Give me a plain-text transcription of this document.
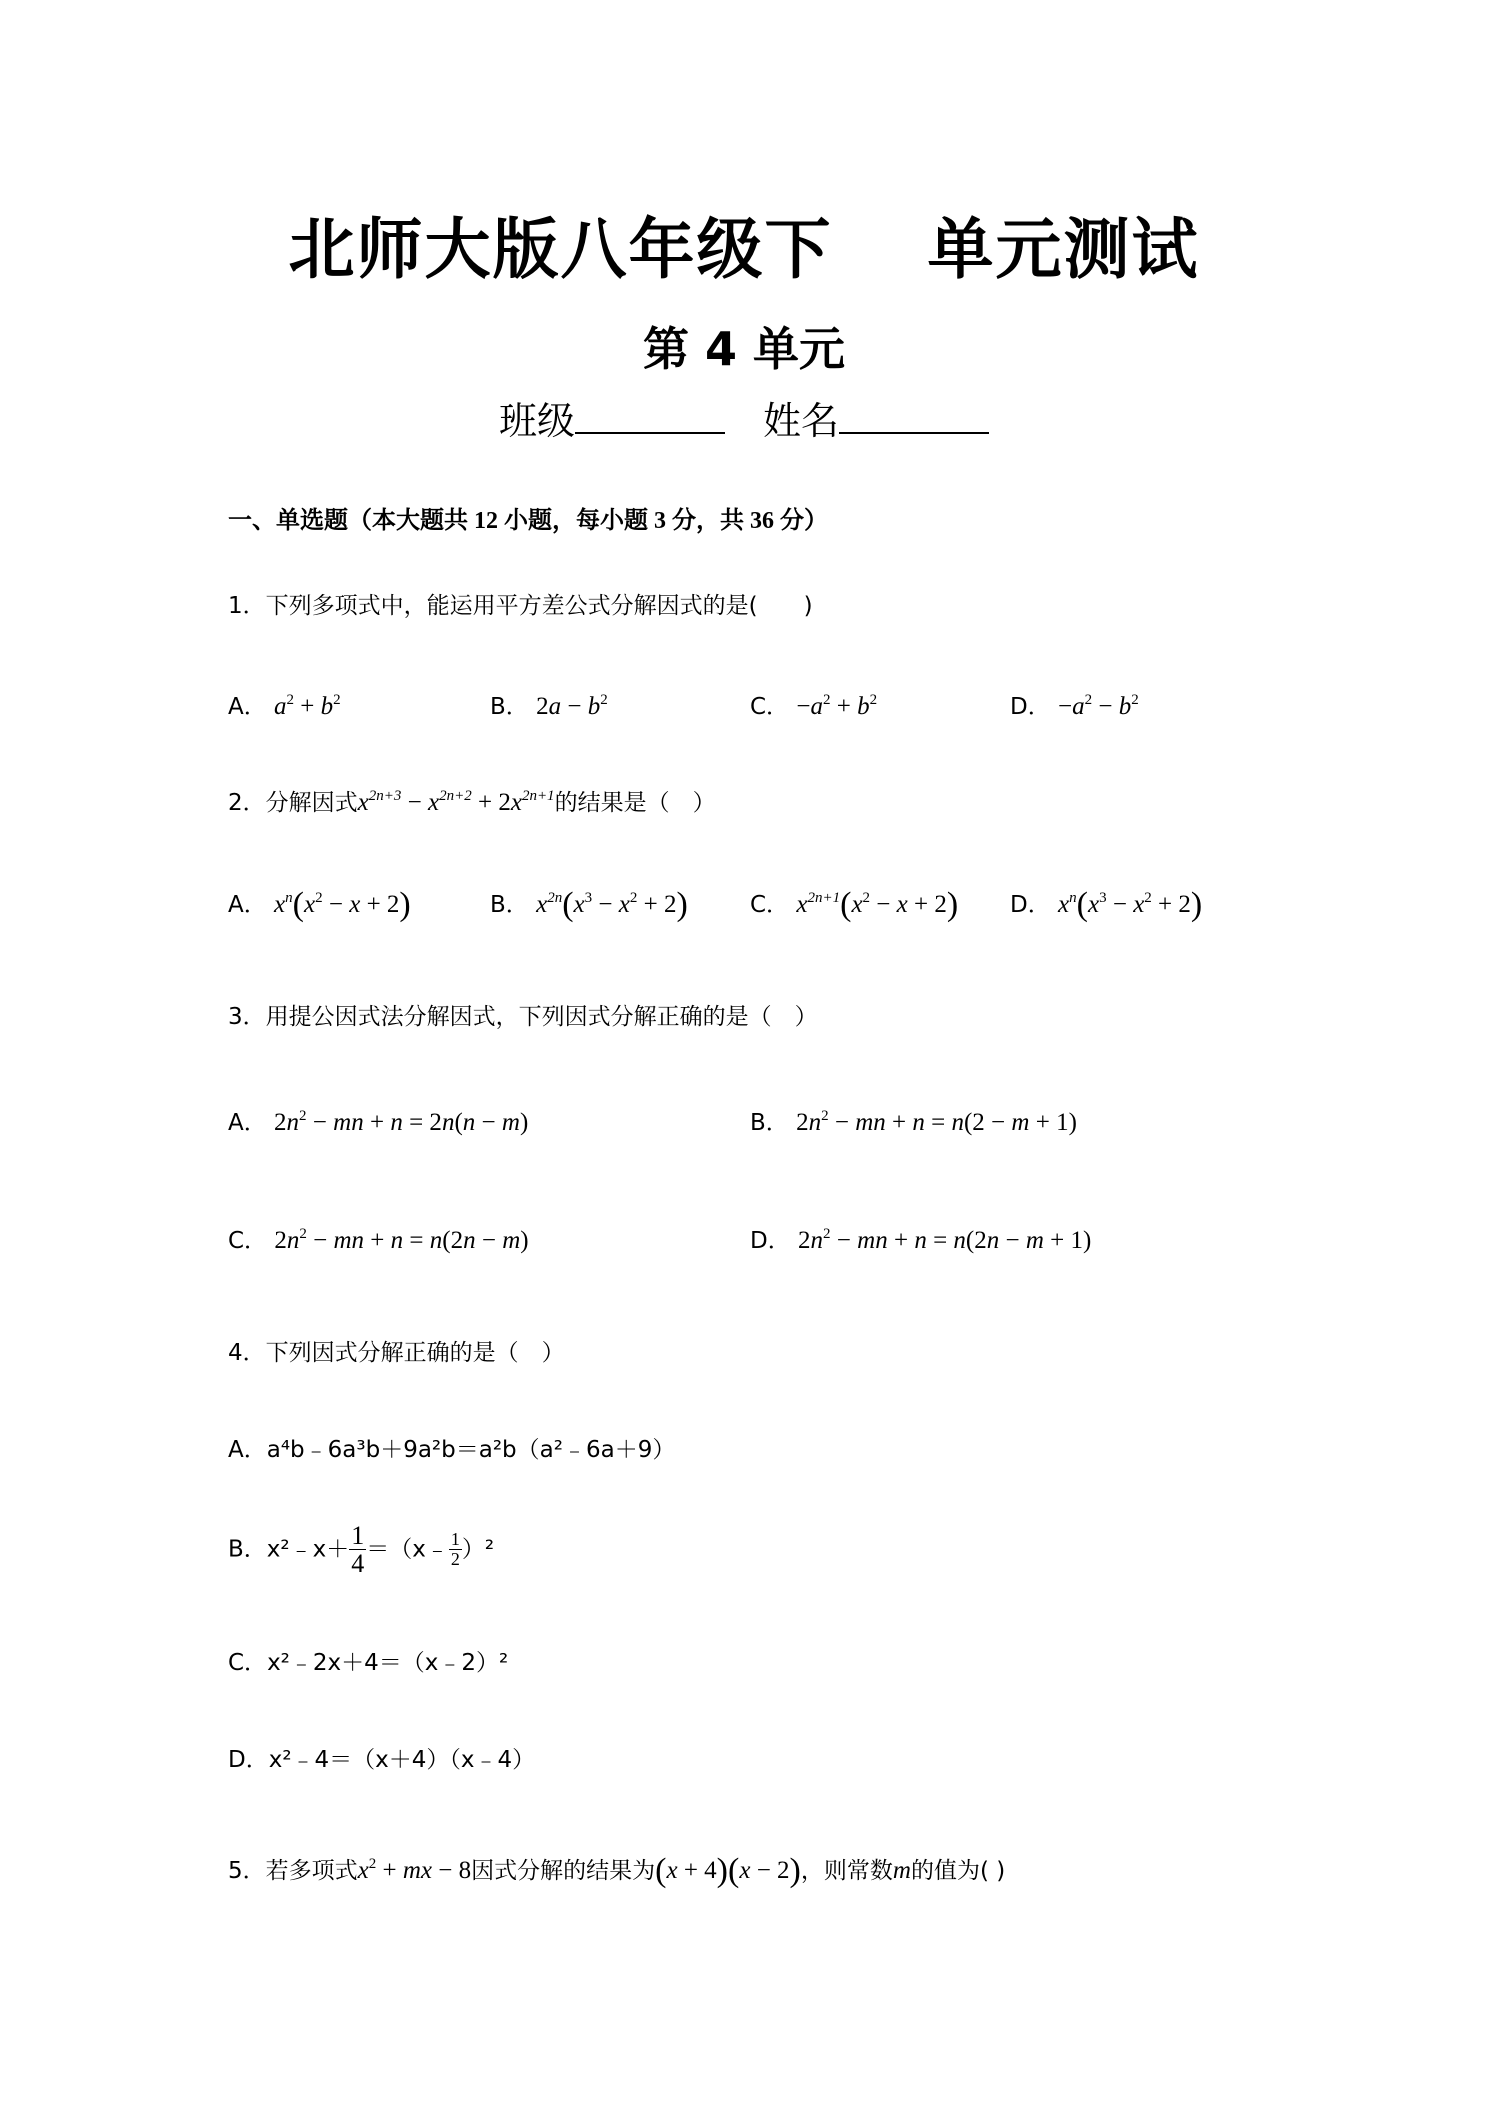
北师大版八年级下 单元测试
第 4 单元
班级	姓名
一、单选题（本大题共 12 小题，每小题 3 分，共 36 分）
1．下列多项式中，能运用平方差公式分解因式的是(　　)
A． $a^2 + b^2$	B． $2a - b^2$	C． $-a^2 + b^2$	D． $-a^2 - b^2$
2．分解因式$x^{2n+3} - x^{2n+2} + 2x^{2n+1}$的结果是（　）
A． $x^n(x^2 - x + 2)$	B． $x^{2n}(x^3 - x^2 + 2)$	C． $x^{2n+1}(x^2 - x + 2)$ D． $x^n(x^3 - x^2 + 2)$
3．用提公因式法分解因式，下列因式分解正确的是（　）
A． $2n^2$ − mn + n = 2n(n − m)	B． $2n^2$ − mn + n = n(2 − m + 1)
C． $2n^2$ − mn + n = n(2n − m)	D． $2n^2$ − mn + n = n(2n − m + 1)
4．下列因式分解正确的是（　）
A．a⁴b﹣6a³b＋9a²b＝a²b（a²﹣6a＋9）
B．x²﹣x＋ $\frac{1}{4}$ ＝（x﹣ $\frac{1}{2} )^2$
C．x²﹣2x＋4＝（x﹣2）²
D．x²﹣4＝（x＋4）（x﹣4）
5．若多项式$x^2$ + mx − 8因式分解的结果为(x + 4)(x − 2)，则常数m的值为( )
